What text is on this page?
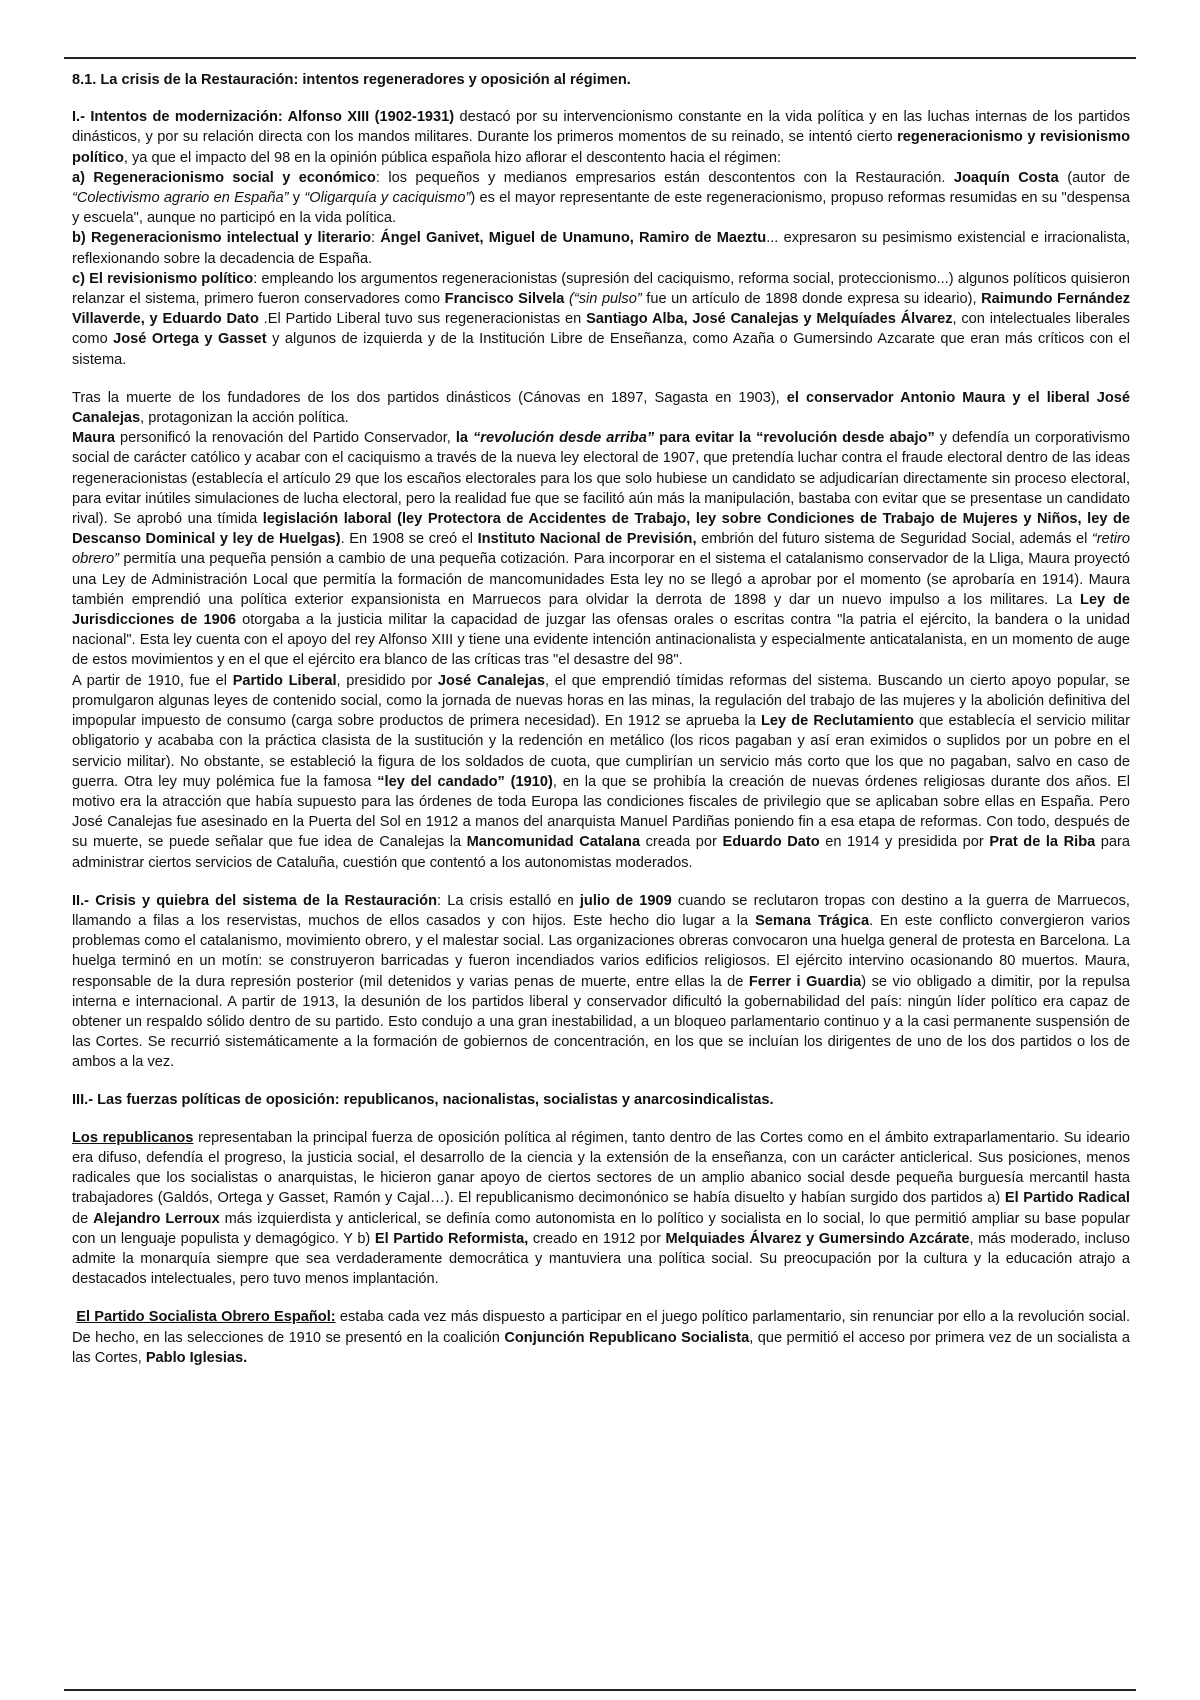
8.1. La crisis de la Restauración: intentos regeneradores y oposición al régimen.

I.- Intentos de modernización: Alfonso XIII (1902-1931) destacó por su intervencionismo constante en la vida política y en las luchas internas de los partidos dinásticos, y por su relación directa con los mandos militares. Durante los primeros momentos de su reinado, se intentó cierto regeneracionismo y revisionismo político, ya que el impacto del 98 en la opinión pública española hizo aflorar el descontento hacia el régimen:

a) Regeneracionismo social y económico: los pequeños y medianos empresarios están descontentos con la Restauración. Joaquín Costa (autor de “Colectivismo agrario en España” y “Oligarquía y caciquismo”) es el mayor representante de este regeneracionismo, propuso reformas resumidas en su "despensa y escuela", aunque no participó en la vida política.

b) Regeneracionismo intelectual y literario: Ángel Ganivet, Miguel de Unamuno, Ramiro de Maeztu... expresaron su pesimismo existencial e irracionalista, reflexionando sobre la decadencia de España.

c) El revisionismo político: empleando los argumentos regeneracionistas (supresión del caciquismo, reforma social, proteccionismo...) algunos políticos quisieron relanzar el sistema, primero fueron conservadores como Francisco Silvela (“sin pulso” fue un artículo de 1898 donde expresa su ideario), Raimundo Fernández Villaverde, y Eduardo Dato .El Partido Liberal tuvo sus regeneracionistas en Santiago Alba, José Canalejas y Melquíades Álvarez, con intelectuales liberales como José Ortega y Gasset y algunos de izquierda y de la Institución Libre de Enseñanza, como Azaña o Gumersindo Azcarate que eran más críticos con el sistema.

Tras la muerte de los fundadores de los dos partidos dinásticos (Cánovas en 1897, Sagasta en 1903), el conservador Antonio Maura y el liberal José Canalejas, protagonizan la acción política.

Maura personificó la renovación del Partido Conservador, la “revolución desde arriba” para evitar la “revolución desde abajo” y defendía un corporativismo social de carácter católico y acabar con el caciquismo a través de la nueva ley electoral de 1907, que pretendía luchar contra el fraude electoral dentro de las ideas regeneracionistas (establecía el artículo 29 que los escaños electorales para los que solo hubiese un candidato se adjudicarían directamente sin proceso electoral, para evitar inútiles simulaciones de lucha electoral, pero la realidad fue que se facilitó aún más la manipulación, bastaba con evitar que se presentase un candidato rival). Se aprobó una tímida legislación laboral (ley Protectora de Accidentes de Trabajo, ley sobre Condiciones de Trabajo de Mujeres y Niños, ley de Descanso Dominical y ley de Huelgas). En 1908 se creó el Instituto Nacional de Previsión, embrión del futuro sistema de Seguridad Social, además el “retiro obrero” permitía una pequeña pensión a cambio de una pequeña cotización. Para incorporar en el sistema el catalanismo conservador de la Lliga, Maura proyectó una Ley de Administración Local que permitía la formación de mancomunidades Esta ley no se llegó a aprobar por el momento (se aprobaría en 1914). Maura también emprendió una política exterior expansionista en Marruecos para olvidar la derrota de 1898 y dar un nuevo impulso a los militares. La Ley de Jurisdicciones de 1906 otorgaba a la justicia militar la capacidad de juzgar las ofensas orales o escritas contra "la patria el ejército, la bandera o la unidad nacional". Esta ley cuenta con el apoyo del rey Alfonso XIII y tiene una evidente intención antinacionalista y especialmente anticatalanista, en un momento de auge de estos movimientos y en el que el ejército era blanco de las críticas tras "el desastre del 98".

A partir de 1910, fue el Partido Liberal, presidido por José Canalejas, el que emprendió tímidas reformas del sistema. Buscando un cierto apoyo popular, se promulgaron algunas leyes de contenido social, como la jornada de nuevas horas en las minas, la regulación del trabajo de las mujeres y la abolición definitiva del impopular impuesto de consumo (carga sobre productos de primera necesidad). En 1912 se aprueba la Ley de Reclutamiento que establecía el servicio militar obligatorio y acababa con la práctica clasista de la sustitución y la redención en metálico (los ricos pagaban y así eran eximidos o suplidos por un pobre en el servicio militar). No obstante, se estableció la figura de los soldados de cuota, que cumplirían un servicio más corto que los que no pagaban, salvo en caso de guerra. Otra ley muy polémica fue la famosa “ley del candado” (1910), en la que se prohibía la creación de nuevas órdenes religiosas durante dos años. El motivo era la atracción que había supuesto para las órdenes de toda Europa las condiciones fiscales de privilegio que se aplicaban sobre ellas en España. Pero José Canalejas fue asesinado en la Puerta del Sol en 1912 a manos del anarquista Manuel Pardiñas poniendo fin a esa etapa de reformas. Con todo, después de su muerte, se puede señalar que fue idea de Canalejas la Mancomunidad Catalana creada por Eduardo Dato en 1914 y presidida por Prat de la Riba para administrar ciertos servicios de Cataluña, cuestión que contentó a los autonomistas moderados.

II.- Crisis y quiebra del sistema de la Restauración: La crisis estalló en julio de 1909 cuando se reclutaron tropas con destino a la guerra de Marruecos, llamando a filas a los reservistas, muchos de ellos casados y con hijos. Este hecho dio lugar a la Semana Trágica. En este conflicto convergieron varios problemas como el catalanismo, movimiento obrero, y el malestar social. Las organizaciones obreras convocaron una huelga general de protesta en Barcelona. La huelga terminó en un motín: se construyeron barricadas y fueron incendiados varios edificios religiosos. El ejército intervino ocasionando 80 muertos. Maura, responsable de la dura represión posterior (mil detenidos y varias penas de muerte, entre ellas la de Ferrer i Guardia) se vio obligado a dimitir, por la repulsa interna e internacional. A partir de 1913, la desunión de los partidos liberal y conservador dificultó la gobernabilidad del país: ningún líder político era capaz de obtener un respaldo sólido dentro de su partido. Esto condujo a una gran inestabilidad, a un bloqueo parlamentario continuo y a la casi permanente suspensión de las Cortes. Se recurrió sistemáticamente a la formación de gobiernos de concentración, en los que se incluían los dirigentes de uno de los dos partidos o los de ambos a la vez.

III.- Las fuerzas políticas de oposición: republicanos, nacionalistas, socialistas y anarcosindicalistas.

Los republicanos representaban la principal fuerza de oposición política al régimen, tanto dentro de las Cortes como en el ámbito extraparlamentario. Su ideario era difuso, defendía el progreso, la justicia social, el desarrollo de la ciencia y la extensión de la enseñanza, con un carácter anticlerical. Sus posiciones, menos radicales que los socialistas o anarquistas, le hicieron ganar apoyo de ciertos sectores de un amplio abanico social desde pequeña burguesía mercantil hasta trabajadores (Galdós, Ortega y Gasset, Ramón y Cajal…). El republicanismo decimonónico se había disuelto y habían surgido dos partidos a) El Partido Radical de Alejandro Lerroux más izquierdista y anticlerical, se definía como autonomista en lo político y socialista en lo social, lo que permitió ampliar su base popular con un lenguaje populista y demagógico. Y b) El Partido Reformista, creado en 1912 por Melquiades Álvarez y Gumersindo Azcárate, más moderado, incluso admite la monarquía siempre que sea verdaderamente democrática y mantuviera una política social. Su preocupación por la cultura y la educación atrajo a destacados intelectuales, pero tuvo menos implantación.

El Partido Socialista Obrero Español: estaba cada vez más dispuesto a participar en el juego político parlamentario, sin renunciar por ello a la revolución social. De hecho, en las selecciones de 1910 se presentó en la coalición Conjunción Republicano Socialista, que permitió el acceso por primera vez de un socialista a las Cortes, Pablo Iglesias.
